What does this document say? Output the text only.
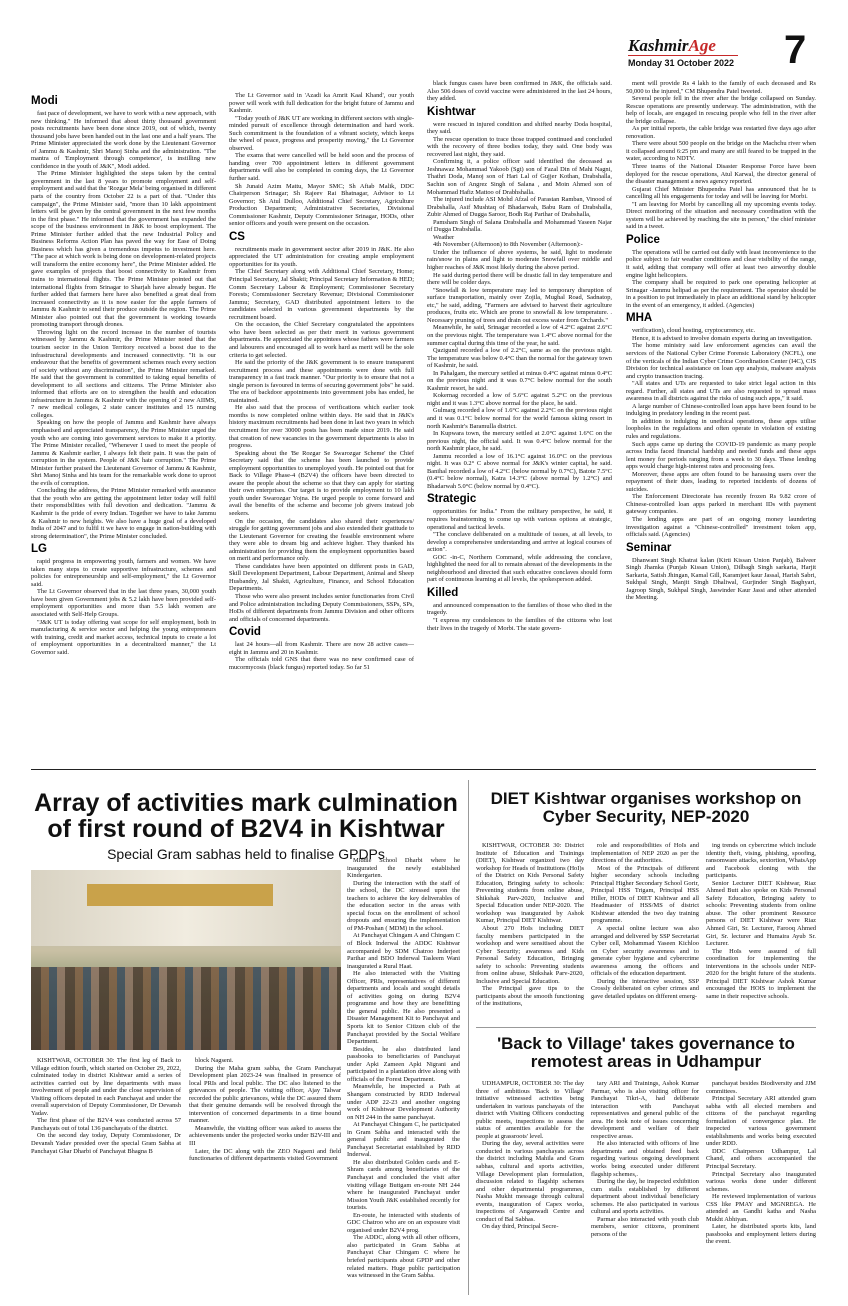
KashmirAge
Monday 31 October 2022 7
Modi

fast pace of development, we have to work with a new approach, with new thinking." He informed that about thirty thousand government posts recruitments have been done since 2019, out of which, twenty thousand jobs have been handed out in the last one and a half years. The Prime Minister appreciated the work done by the Lieutenant Governor of Jammu & Kashmir, Shri Manoj Sinha and the administration. "The mantra of 'Employment through competence', is instilling new confidence in the youth of J&K", Modi added.

The Prime Minister highlighted the steps taken by the central government in the last 8 years to promote employment and self-employment and said that the 'Rozgar Mela' being organised in different parts of the country from October 22 is a part of that. "Under this campaign", the Prime Minister said, "more than 10 lakh appointment letters will be given by the central government in the next few months in the first phase." He informed that the government has expanded the scope of the business environment in J&K to boost employment. The Prime Minister further added that the new Industrial Policy and Business Reforms Action Plan has paved the way for Ease of Doing Business which has given a tremendous impetus to investment here. "The pace at which work is being done on development-related projects will transform the entire economy here", the Prime Minister added. He gave examples of projects that boost connectivity to Kashmir from trains to international flights. The Prime Minister pointed out that international flights from Srinagar to Sharjah have already begun. He further added that farmers here have also benefited a great deal from increased connectivity as it is now easier for the apple farmers of Jammu & Kashmir to send their produce outside the region. The Prime Minister also pointed out that the government is working towards promoting transport through drones.

Throwing light on the record increase in the number of tourists witnessed by Jammu & Kashmir, the Prime Minister noted that the tourism sector in the Union Territory received a boost due to the infrastructural developments and increased connectivity. "It is our endeavour that the benefits of government schemes reach every section of society without any discrimination", the Prime Minister remarked. He said that the government is committed to taking equal benefits of development to all sections and citizens. The Prime Minister also informed that efforts are on to strengthen the health and education infrastructure in Jammu & Kashmir with the opening of 2 new AIIMS, 7 new medical colleges, 2 state cancer institutes and 15 nursing colleges.

Speaking on how the people of Jammu and Kashmir have always emphasised and appreciated transparency, the Prime Minister urged the youth who are coming into government services to make it a priority. The Prime Minister recalled, "Whenever I used to meet the people of Jammu & Kashmir earlier, I always felt their pain. It was the pain of corruption in the system. People of J&K hate corruption." The Prime Minister further praised the Lieutenant Governor of Jammu & Kashmir, Shri Manoj Sinha and his team for the remarkable work done to uproot the evils of corruption.

Concluding the address, the Prime Minister remarked with assurance that the youth who are getting the appointment letter today will fulfil their responsibilities with full devotion and dedication. "Jammu & Kashmir is the pride of every Indian. Together we have to take Jammu & Kashmir to new heights. We also have a huge goal of a developed India of 2047 and to fulfil it we have to engage in nation-building with strong determination", the Prime Minister concluded.

LG

rapid progress in empowering youth, farmers and women. We have taken many steps to create supportive infrastructure, schemes and policies for entrepreneurship and self-employment," the Lt Governor said.

The Lt Governor observed that in the last three years, 30,000 youth have been given Government jobs & 5.2 lakh have been provided self-employment opportunities and more than 5.5 lakh women are associated with Self-Help Groups.

"J&K UT is today offering vast scope for self employment, both in manufacturing & service sector and helping the young entrepreneurs with training, credit and market access, technical inputs to create a lot of employment opportunities in a decentralized manner," the Lt Governor said.

The Lt Governor said in 'Azadi ka Amrit Kaal Khand', our youth power will work with full dedication for the bright future of Jammu and Kashmir.

"Today youth of J&K UT are working in different sectors with single-minded pursuit of excellence through determination and hard work. Such commitment is the foundation of a vibrant society, which keeps the wheel of peace, progress and prosperity moving," the Lt Governor observed.

The exams that were cancelled will be held soon and the process of handing over 700 appointment letters in different government departments will also be completed in coming days, the Lt Governor further said.

Sh Junaid Azim Mattu, Mayor SMC; Sh Aftab Malik, DDC Chairperson Srinagar; Sh Rajeev Rai Bhatnagar, Advisor to Lt Governor; Sh Atul Dulloo, Additional Chief Secretary, Agriculture Production Department; Administrative Secretaries, Divisional Commissioner Kashmir, Deputy Commissioner Srinagar, HODs, other senior officers and youth were present on the occasion.

CS

recruitments made in government sector after 2019 in J&K. He also appreciated the UT administration for creating ample employment opportunities for its youth.

The Chief Secretary along with Additional Chief Secretary, Home; Principal Secretary, Jal Shakti; Principal Secretary Information & HED; Comm Secretary Labour & Employment; Commissioner Secretary Forests; Commissioner Secretary Revenue; Divisional Commissioner Jammu; Secretary, GAD distributed appointment letters to the candidates selected in various government departments by the recruitment board.

On the occasion, the Chief Secretary congratulated the appointees who have been selected as per their merit in various government departments. He appreciated the appointees whose fathers were farmers and labourers and encouraged all to work hard as merit will be the sole criteria to get selected.

He said the priority of the J&K government is to ensure transparent recruitment process and these appointments were done with full transparency in a fast track manner. "Our priority is to ensure that not a single person is favoured in terms of securing government jobs" he said. The era of backdoor appointments into government jobs has ended, he maintained.

He also said that the process of verifications which earlier took months is now completed online within days. He said that in J&K's history maximum recruitments had been done in last two years in which recruitment for over 30000 posts has been made since 2019. He said that creation of new vacancies in the government departments is also in progress.

Speaking about the 'Be Rozgar Se Swarozgar Scheme' the Chief Secretary said that the scheme has been launched to provide employment opportunities to unemployed youth. He pointed out that for Back to Village Phase-4 (B2V4) the officers have been directed to aware the people about the scheme so that they can apply for starting their own enterprises. Our target is to provide employment to 10 lakh youth under Swarozgar Yojna. He urged people to come forward and avail the benefits of the scheme and become job givers instead job seekers.

On the occasion, the candidates also shared their experiences/ struggle for getting government jobs and also extended their gratitude to the Lieutenant Governor for creating the feasible environment where they were able to dream big and achieve higher. They thanked his administration for providing them the employment opportunities based on merit and performance only.

These candidates have been appointed on different posts in GAD, Skill Development Department, Labour Department, Animal and Sheep Husbandry, Jal Shakti, Agriculture, Finance, and School Education Departments.

Those who were also present includes senior functionaries from Civil and Police administration including Deputy Commissioners, SSPs, SPs, HoDs of different departments from Jammu Division and other officers and officials of concerned departments.

Covid

last 24 hours—all from Kashmir. There are now 28 active cases—eight in Jammu and 20 in Kashmir.

The officials told GNS that there was no new confirmed case of mucormycosis (black fungus) reported today. So far 51

black fungus cases have been confirmed in J&K, the officials said. Also 506 doses of covid vaccine were administered in the last 24 hours, they added.

Kishtwar

were rescued in injured condition and shifted nearby Doda hospital, they said.

The rescue operation to trace those trapped continued and concluded with the recovery of three bodies today, they said. One body was recovered last night, they said.

Confirming it, a police officer said identified the deceased as Jeshnawaz Mohammad Yakoob (Sgt) son of Fazal Din of Mahi Nagni, Thathri Doda, Manoj son of Hari Lal of Gujjer Kothan, Drabshalla, Sachin son of Angrez Singh of Salana , and Moin Ahmed son of Mohammad Hafiz Mattoo of Drabhshalla.

The injured include ASI Mohd Afzal of Parastan Ramban, Vinood of Drabshalla, Asif Mushtaq of Bhadarwah, Babu Ram of Drabshalla, Zubir Ahmed of Dugga Saroor, Bodh Raj Parihar of Drabshalla,

Pamsham Singh of Salana Drabshalla and Mohammad Yaseen Najar of Dugga Drabshalla.

Weather

4th November (Afternoon) to 8th November (Afternoon):-

Under the influence of above systems, he said, light to moderate rain/snow in plains and light to moderate Snowfall over middle and higher reaches of J&K most likely during the above period.

He said during period there will be drastic fall in day temperature and there will be colder days.

"Snowfall & low temperature may led to temporary disruption of surface transportation, mainly over Zojila, Mughal Road, Sadnatop, etc," he said, adding, "Farmers are advised to harvest their agriculture produces, fruits etc. Which are prone to snowfall & low temperature. . Necessary pruning of trees and drain out excess water from Orchards."

Meanwhile, he said, Srinagar recorded a low of 4.2°C against 2.6°C on the previous night. The temperature was 1.4°C above normal for the summer capital during this time of the year, he said.

Qazigund recorded a low of 2.2°C, same as on the previous night. The temperature was below 0.4°C than the normal for the gateway town of Kashmir, he said.

In Pahalgam, the mercury settled at minus 0.4°C against minus 0.4°C on the previous night and it was 0.7°C below normal for the south Kashmir resort, he said.

Kokernag recorded a low of 5.6°C against 5.2°C on the previous night and it was 1.3°C above normal for the place, he said.

Gulmarg recorded a low of 1.6°C against 2.2°C on the previous night and it was 0.1°C below normal for the world famous skiing resort in north Kashmir's Baramulla district.

In Kupwara town, the mercury settled at 2.0°C against 1.6°C on the previous night, the official said. It was 0.4°C below normal for the north Kashmir place, he said.

Jammu recorded a low of 16.1°C against 16.0°C on the previous night. It was 0.2° C above normal for J&K's winter capital, he said. Banihal recorded a low of 4.2°C (below normal by 0.7°C), Batote 7.5°C (0.4°C below normal), Katra 14.3°C (above normal by 1.2°C) and Bhadarwah 5.0°C (below normal by 0.4°C).

Strategic

opportunities for India." From the military perspective, he said, it requires brainstorming to come up with various options at strategic, operational and tactical levels.

"The conclave deliberated on a multitude of issues, at all levels, to develop a comprehensive understanding and arrive at logical courses of action".

GOC -in-C, Northern Command, while addressing the conclave, highlighted the need for all to remain abreast of the developments in the neighbourhood and directed that such educative conclaves should form part of continuous learning at all levels, the spokesperson added.

Killed

and announced compensation to the families of those who died in the tragedy.

"I express my condolences to the families of the citizens who lost their lives in the tragedy of Morbi. The state govern-

ment will provide Rs 4 lakh to the family of each deceased and Rs 50,000 to the injured," CM Bhupendra Patel tweeted.

Several people fell in the river after the bridge collapsed on Sunday. Rescue operations are presently underway. The administration, with the help of locals, are engaged in rescuing people who fell in the river after the bridge collapse.

As per initial reports, the cable bridge was restarted five days ago after renovation.

There were about 500 people on the bridge on the Machchu river when it collapsed around 6:25 pm and many are still feared to be trapped in the water, according to NDTV.

Three teams of the National Disaster Response Force have been deployed for the rescue operations, Atul Karwal, the director general of the disaster management a news agency reported.

Gujarat Chief Minister Bhupendra Patel has announced that he is cancelling all his engagements for today and will be leaving for Morbi.

"I am leaving for Morbi by cancelling all my upcoming events today. Direct monitoring of the situation and necessary coordination with the system will be achieved by reaching the site in person," the chief minister said in a tweet.

Police

The operations will be carried out daily with least inconvenience to the police subject to fair weather conditions and clear visibility of the range, it said, adding that company will offer at least two airworthy double engine light helicopters.

The company shall be required to park one operating helicopter at Srinagar -Jammu helipad as per the requirement. The operator should be in a position to put immediately in place an additional stand by helicopter in the event of an emergency, it added. (Agencies)

MHA

verification), cloud hosting, cryptocurrency, etc.

Hence, it is advised to involve domain experts during an investigation.

The home ministry said law enforcement agencies can avail the services of the National Cyber Crime Forensic Laboratory (NCFL), one of the verticals of the Indian Cyber Crime Coordination Center (I4C), CIS Division for technical assistance on loan app analysis, malware analysis and crypto transaction tracing.

"All states and UTs are requested to take strict legal action in this regard. Further, all states and UTs are also requested to spread mass awareness in all districts against the risks of using such apps," it said.

A large number of Chinese-controlled loan apps have been found to be indulging in predatory lending in the recent past.

In addition to indulging in unethical operations, these apps utilise loopholes in the regulations and often operate in violation of existing rules and regulations.

Such apps came up during the COVID-19 pandemic as many people across India faced financial hardship and needed funds and these apps lent money for periods ranging from a week to 30 days. These lending apps would charge high-interest rates and processing fees.

Moreover, these apps are often found to be harassing users over the repayment of their dues, leading to reported incidents of dozens of suicides.

The Enforcement Directorate has recently frozen Rs 9.82 crore of Chinese-controlled loan apps parked in merchant IDs with payment gateway companies.

The lending apps are part of an ongoing money laundering investigation against a "Chinese-controlled" investment token app, officials said. (Agencies)

Seminar

Dhanwant Singh Khatrai kalan (Kirti Kissan Union Panjab), Balveer Singh Jhamka (Punjab Kissan Union), Dilbagh Singh sarkaria, Harjit Sarkaria, Satish Jhingan, Kamal Gill, Karamjeet kaur Jassal, Harish Sabri, Sukhpal Singh, Manjit Singh Dhaliwal, Gurjinder Singh Baghyari, Jagroop Singh, Sukhpal Singh, Jaswinder Kaur Jassi and other attended the Meeting.

Array of activities mark culmination of first round of B2V4 in Kishtwar
Special Gram sabhas held to finalise GPDPs

Middle School Dharbi where he inaugurated the newly established Kindergarten.

During the interaction with the staff of the school, the DC stressed upon the teachers to achieve the key deliverables of the education sector in the areas with special focus on the enrollment of school dropouts and ensuring the implementation of PM-Poshan ( MDM) in the school.

At Panchayat Chingam A and Chingam C of Block Inderwal the ADDC Kishtwar accompanied by SDM Chatroo Inderjeet Parihar and BDO Inderwal Tasleem Wani inaugurated a Rural Haat.

He also interacted with the Visiting Officer, PRIs, representatives of different departments and locals and sought details of activities going on during B2V4 programme and how they are benefitting the general public. He also presented a Disaster Management Kit to Panchayat and Sports kit to Senior Citizen club of the Panchayat provided by the Social Welfare Department.

Besides, he also distributed land passbooks to beneficiaries of Panchayat under Apki Zameen Apki Nigrani and participated in a plantation drive along with officials of the Forest Department.

Meanwhile, he inspected a Path at Shangam constructed by RDD Inderwal under ADP 22-23 and another ongoing work of Kishtwar Development Authority on NH 244 in the same panchayat.

At Panchayat Chingam C, he participated in Gram Sabha and interacted with the general public and inaugurated the Panchayat Secretariat established by RDD Inderwal.

He also distributed Golden cards and E-Shram cards among beneficiaries of the Panchayat and concluded the visit after visiting village Buttgam en-route NH 244 where he inaugurated Panchayat under Mission Youth J&K established recently for tourists.

En-route, he interacted with students of GDC Chatroo who are on an exposure visit organised under B2V4 prog.

The ADDC, along with all other officers, also participated in Gram Sabha at Panchayat Char Chingam C where he briefed participants about GPDP and other related matters. Huge public participation was witnessed in the Gram Sabha.

KISHTWAR, OCTOBER 30: The first leg of Back to Village edition fourth, which started on October 29, 2022, culminated today in district Kishtwar amid a series of activities carried out by line departments with mass involvement of people and under the close supervision of Visiting officers deputed in each Panchayat and under the overall supervision of Deputy Commissioner, Dr Devansh Yadav.

The first phase of the B2V4 was conducted across 57 Panchayats out of total 136 panchayats of the district.

On the second day today, Deputy Commissioner, Dr Devansh Yadav presided over the special Gram Sabha at Panchayat Ghar Dharbi of Panchayat Bhagna B

block Nagseni.

During the Maha gram sabha, the Gram Panchayat Development plan 2023-24 was finalised in presence of local PRIs and local public. The DC also listened to the grievances of people. The visiting officer, Ajay Talwar recorded the public grievances, while the DC assured them that their genuine demands will be resolved through the intervention of concerned departments in a time bound manner.

Meanwhile, the visiting officer was asked to assess the achievements under the projected works under B2V-III and III

Later, the DC along with the ZEO Nagseni and field functionaries of different departments visited Government

DIET Kishtwar organises workshop on Cyber Security, NEP-2020

KISHTWAR, OCTOBER 30: District Institute of Education and Trainings (DIET), Kishtwar organized two day workshop for Heads of Institutions (HoI)s of the District on Kids Personal Safety Education, Bringing safety to schools: Preventing students from online abuse, Shikshak Parv-2020, Inclusive and Special Education under NEP-2020. The workshop was inaugurated by Ashok Kumar, Principal DIET Kishtwar.

About 270 HoIs including DIET faculty members participated in the workshop and were sensitised about the Cyber Security; awareness and Kids Personal Safety Education, Bringing safety to schools: Preventing students from online abuse, Shikshak Parv-2020, Inclusive and Special Education.

The Principal gave tips to the participants about the smooth functioning of the institutions,

role and responsibilities of HoIs and implementation of NEP 2020 as per the directions of the authorities.

Most of the Principals of different higher secondary schools including Principal Higher Secondary School Gorir, Principal HSS Trigam, Principal HSS Hiller, HODs of DIET Kishtwar and all Headmaster of HSS/MS of district Kishtwar attended the two day training programme.

A special online lecture was also arranged and delivered by SSP Secretariat Cyber cell, Mohammad Yaseen Kichloo on Cyber security awareness and to generate cyber hygiene and cybercrime awareness among the officers and officials of the education department.

During the interactive session, SSP Crossly deliberated on cyber crimes and gave detailed updates on different emerg-

ing trends on cybercrime which include identity theft, vising, phishing, spoofing, ransomware attacks, sextortion, WhatsApp and Facebook cloning with the participants.

Senior Lecturer DIET Kishtwar, Riaz Ahmed Butt also spoke on Kids Personal Safety Education, Bringing safety to schools: Preventing students from online abuse. The other prominent Resource persons of DIET Kishtwar were Riaz Ahmed Giri, Sr. Lecturer, Farooq Ahmed Giri, Sr. lecturer and Humaira Ayub Sr. Lecturer.

The HoIs were assured of full coordination for implementing the interventions in the schools under NEP-2020 for the bright future of the students. Principal DIET Kishtwar Ashok Kumar encouraged the HOIS to implement the same in their respective schools.

'Back to Village' takes governance to remotest areas in Udhampur

UDHAMPUR, OCTOBER 30: The day three of ambitious 'Back to Village' initiative witnessed activities being undertaken in various panchayats of the district with Visiting Officers conducting public meets, inspections to assess the status of amenities available for the people at grassroots' level.

During the day, several activities were conducted in various panchayats across the district including Mahila and Gram sabhas, cultural and sports activities, Village Development plan formulation, discussion related to flagship schemes and other departmental programmes, Nasha Mukht message through cultural events, inauguration of Capex works, inspections of Anganwadi Centre and conduct of Bal Sabhas.

On day third, Principal Secre-

tary ARI and Trainings, Ashok Kumar Parmar, who is also visiting officer for Panchayat Tikri-A, had deliberate interaction with Panchayat representatives and general public of the area. He took note of issues concerning development and welfare of their respective areas.

He also interacted with officers of line departments and obtained feed back regarding various ongoing development works being executed under different flagship schemes,.

During the day, he inspected exhibition cum stalls established by different department about individual beneficiary schemes. He also participated in various cultural and sports activities.

Parmar also interacted with youth club members, senior citizens, prominent persons of the

panchayat besides Biodiversity and JJM committees.

Principal Secretary ARI attended gram sabha with all elected members and citizens of the panchayat regarding formulation of convergence plan. He inspected various government establishments and works being executed under RDD.

DDC Chairperson Udhampur, Lal Chand, and others accompanied the Principal Secretary.

Principal Secretary also inaugurated various works done under different schemes.

He reviewed implementation of various CSS like PMAY and MGNREGA. He attended an Gandhi katha and Nasha Mukht Abhiyan.

Later, he distributed sports kits, land passbooks and employment letters during the event.
